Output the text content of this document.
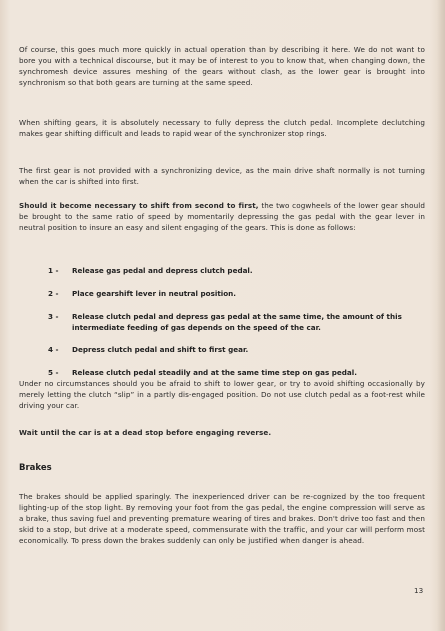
Of course, this goes much more quickly in actual operation than by describing it here. We do not want to bore you with a technical discourse, but it may be of interest to you to know that, when changing down, the synchromesh device assures meshing of the gears without clash, as the lower gear is brought into synchronism so that both gears are turning at the same speed.
When shifting gears, it is absolutely necessary to fully depress the clutch pedal. Incomplete declutching makes gear shifting difficult and leads to rapid wear of the synchronizer stop rings.
The first gear is not provided with a synchronizing device, as the main drive shaft normally is not turning when the car is shifted into first.
Should it become necessary to shift from second to first, the two cogwheels of the lower gear should be brought to the same ratio of speed by momentarily depressing the gas pedal with the gear lever in neutral position to insure an easy and silent engaging of the gears. This is done as follows:
1 - Release gas pedal and depress clutch pedal.
2 - Place gearshift lever in neutral position.
3 - Release clutch pedal and depress gas pedal at the same time, the amount of this intermediate feeding of gas depends on the speed of the car.
4 - Depress clutch pedal and shift to first gear.
5 - Release clutch pedal steadily and at the same time step on gas pedal.
Under no circumstances should you be afraid to shift to lower gear, or try to avoid shifting occasionally by merely letting the clutch “slip” in a partly dis-engaged position. Do not use clutch pedal as a foot-rest while driving your car.
Wait until the car is at a dead stop before engaging reverse.
Brakes
The brakes should be applied sparingly. The inexperienced driver can be re-cognized by the too frequent lighting-up of the stop light. By removing your foot from the gas pedal, the engine compression will serve as a brake, thus saving fuel and preventing premature wearing of tires and brakes. Don't drive too fast and then skid to a stop, but drive at a moderate speed, commensurate with the traffic, and your car will perform most economically. To press down the brakes suddenly can only be justified when danger is ahead.
13
